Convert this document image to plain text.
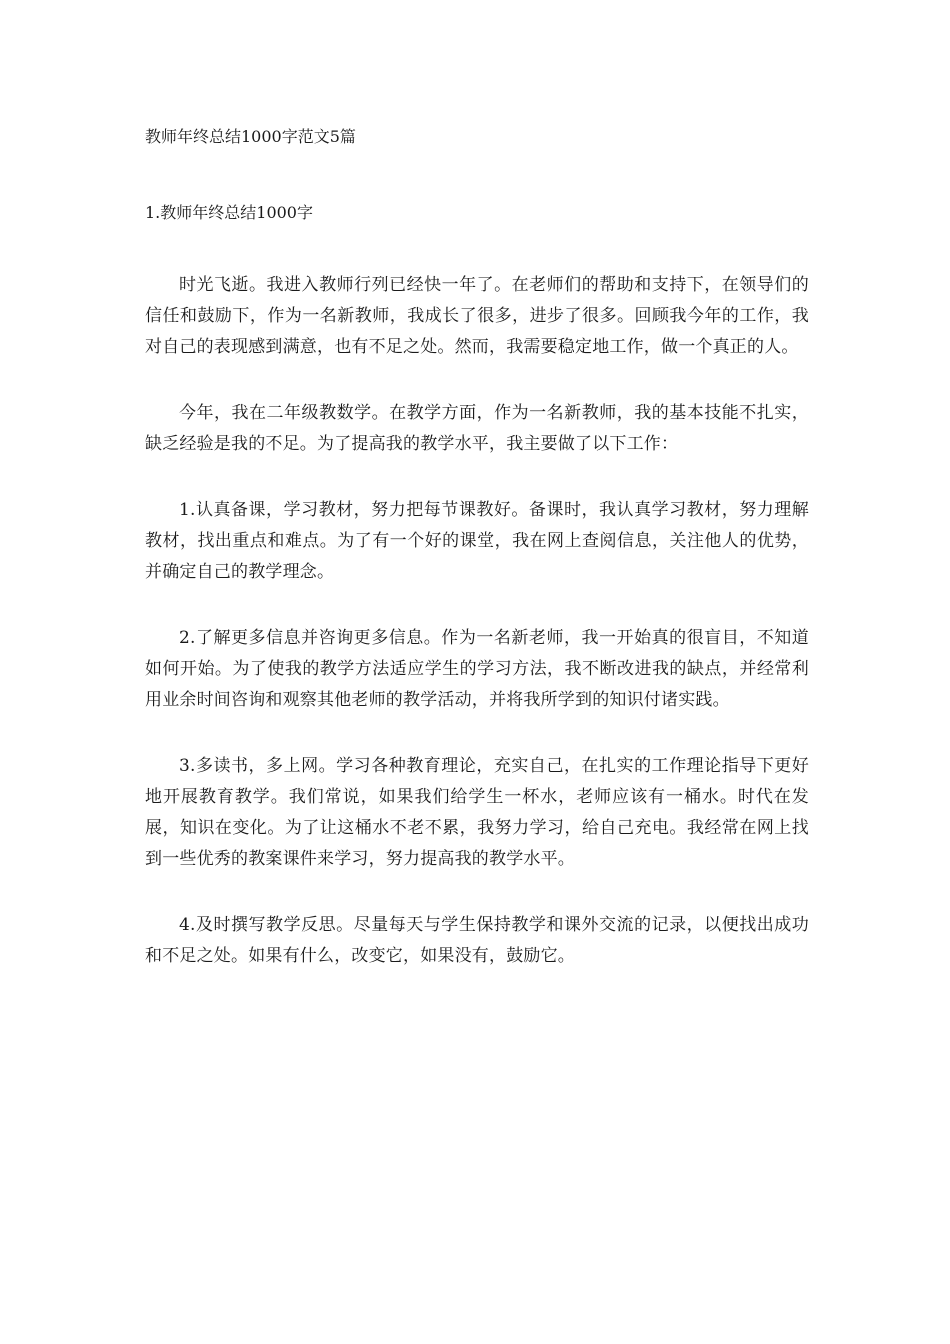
教师年终总结1000字范文5篇
1.教师年终总结1000字

时光飞逝。我进入教师行列已经快一年了。在老师们的帮助和支持下，在领导们的信任和鼓励下，作为一名新教师，我成长了很多，进步了很多。回顾我今年的工作，我对自己的表现感到满意，也有不足之处。然而，我需要稳定地工作，做一个真正的人。

今年，我在二年级教数学。在教学方面，作为一名新教师，我的基本技能不扎实，缺乏经验是我的不足。为了提高我的教学水平，我主要做了以下工作：

1.认真备课，学习教材，努力把每节课教好。备课时，我认真学习教材，努力理解教材，找出重点和难点。为了有一个好的课堂，我在网上查阅信息，关注他人的优势，并确定自己的教学理念。

2.了解更多信息并咨询更多信息。作为一名新老师，我一开始真的很盲目，不知道如何开始。为了使我的教学方法适应学生的学习方法，我不断改进我的缺点，并经常利用业余时间咨询和观察其他老师的教学活动，并将我所学到的知识付诸实践。

3.多读书，多上网。学习各种教育理论，充实自己，在扎实的工作理论指导下更好地开展教育教学。我们常说，如果我们给学生一杯水，老师应该有一桶水。时代在发展，知识在变化。为了让这桶水不老不累，我努力学习，给自己充电。我经常在网上找到一些优秀的教案课件来学习，努力提高我的教学水平。

4.及时撰写教学反思。尽量每天与学生保持教学和课外交流的记录，以便找出成功和不足之处。如果有什么，改变它，如果没有，鼓励它。
